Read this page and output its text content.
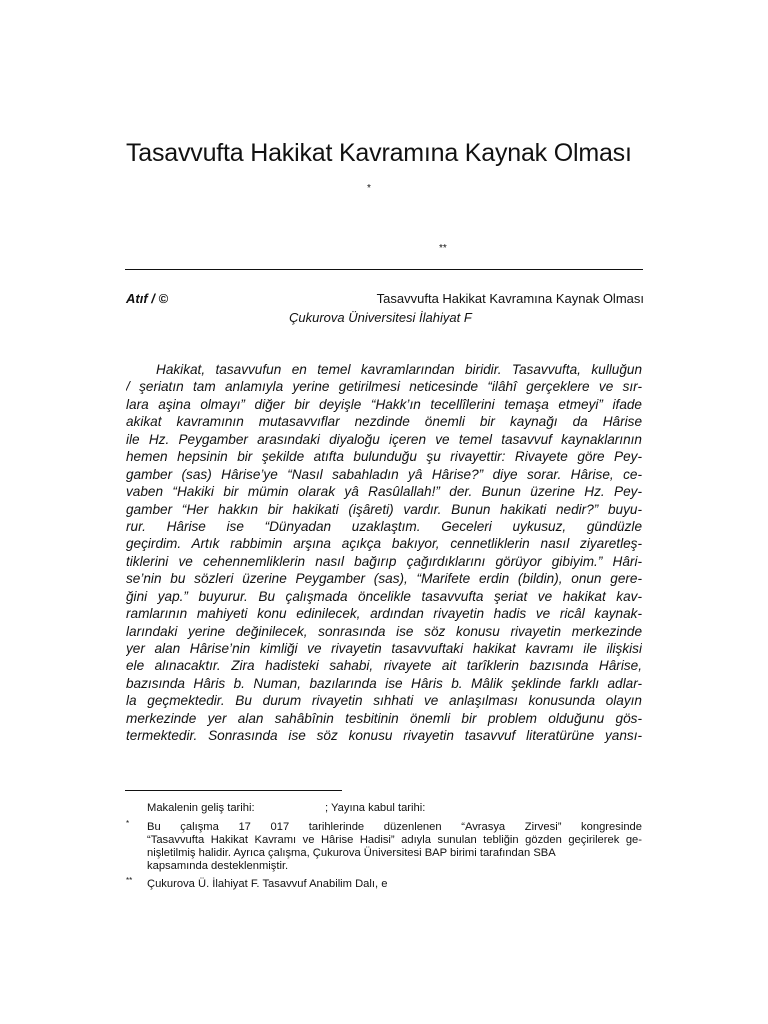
Tasavvufta Hakikat Kavramına Kaynak Olması
*
**
Atıf / ©	Tasavvufta Hakikat Kavramına Kaynak Olması
Çukurova Üniversitesi İlahiyat F
Hakikat, tasavvufun en temel kavramlarından biridir. Tasavvufta, kulluğun
/ şeriatın tam anlamıyla yerine getirilmesi neticesinde “ilâhî gerçeklere ve sır-
lara aşina olmayı” diğer bir deyişle “Hakk’ın tecellîlerini temaşa etmeyi” ifade
akikat kavramının mutasavvıflar nezdinde önemli bir kaynağı da Hârise
ile Hz. Peygamber arasındaki diyaloğu içeren ve temel tasavvuf kaynaklarının
hemen hepsinin bir şekilde atıfta bulunduğu şu rivayettir: Rivayete göre Pey-
gamber (sas) Hârise’ye “Nasıl sabahladın yâ Hârise?” diye sorar. Hârise, ce-
vaben “Hakiki bir mümin olarak yâ Rasûlallah!” der. Bunun üzerine Hz. Pey-
gamber “Her hakkın bir hakikati (işâreti) vardır. Bunun hakikati nedir?” buyu-
rur. Hârise ise “Dünyadan uzaklaştım. Geceleri uykusuz, gündüzle
geçirdim. Artık rabbimin arşına açıkça bakıyor, cennetliklerin nasıl ziyaretleş-
tiklerini ve cehennemliklerin nasıl bağırıp çağırdıklarını görüyor gibiyim.” Hâri-
se’nin bu sözleri üzerine Peygamber (sas), “Marifete erdin (bildin), onun gere-
ğini yap.” buyurur. Bu çalışmada öncelikle tasavvufta şeriat ve hakikat kav-
ramlarının mahiyeti konu edinilecek, ardından rivayetin hadis ve ricâl kaynak-
larındaki yerine değinilecek, sonrasında ise söz konusu rivayetin merkezinde
yer alan Hârise’nin kimliği ve rivayetin tasavvuftaki hakikat kavramı ile ilişkisi
ele alınacaktır. Zira hadisteki sahabi, rivayete ait tarîklerin bazısında Hârise,
bazısında Hâris b. Numan, bazılarında ise Hâris b. Mâlik şeklinde farklı adlar-
la geçmektedir. Bu durum rivayetin sıhhati ve anlaşılması konusunda olayın
merkezinde yer alan sahâbînin tesbitinin önemli bir problem olduğunu gös-
termektedir. Sonrasında ise söz konusu rivayetin tasavvuf literatürüne yansı-
Makalenin geliş tarihi:	; Yayına kabul tarihi:
* Bu çalışma 17 017 tarihlerinde düzenlenen “Avrasya Zirvesi” kongresinde
“Tasavvufta Hakikat Kavramı ve Hârise Hadisi” adıyla sunulan tebliğin gözden geçirilerek ge-
nişletilmiş halidir. Ayrıca çalışma, Çukurova Üniversitesi BAP birimi tarafından SBA
kapsamında desteklenmiştir.
** Çukurova Ü. İlahiyat F. Tasavvuf Anabilim Dalı, e
